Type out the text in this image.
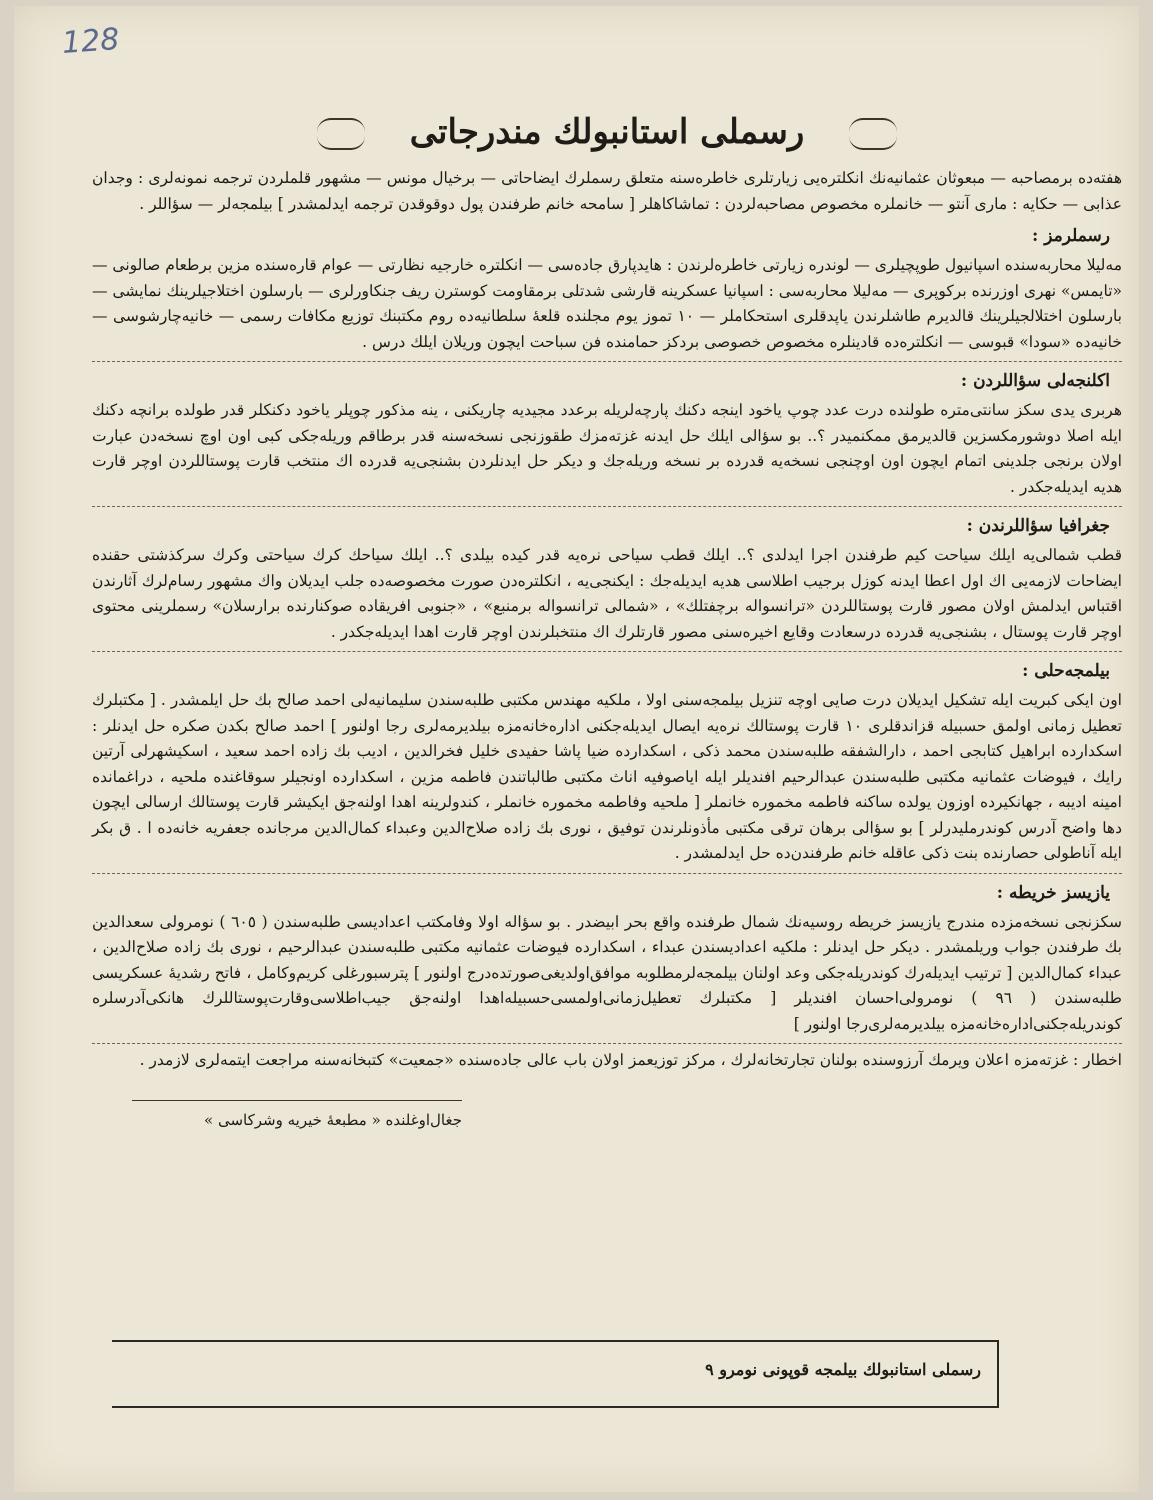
128
رسملی استانبولك مندرجاتی

هفته‌ده برمصاحبه — مبعوثان عثمانیه‌نك انكلتره‌یی زیارتلری خاطره‌سنه متعلق رسملرك ایضاحاتی — برخیال مونس — مشهور قلملردن ترجمه نمونه‌لری : وجدان عذابی — حكایه : ماری آنتو — خانملره مخصوص مصاحبه‌لردن : تماشاكاهلر [ سامحه خانم طرفندن پول دوقوقدن ترجمه ایدلمشدر ] بیلمجه‌لر — سؤاللر .

رسملرمز :

مه‌لیلا محاربه‌سنده اسپانیول طوپچیلری — لوندره زیارتی خاطره‌لرندن : هایدپارق جاده‌سی — انكلتره خارجیه نظارتی — عوام قاره‌سنده مزین برطعام صالونی — «تایمس» نهری اوزرنده بركوپری — مه‌لیلا محاربه‌سی : اسپانیا عسكرینه قارشی شدتلی برمقاومت كوسترن ریف جنكاورلری — بارسلون اختلاجیلرینك نمایشی — بارسلون اختلالجیلرینك قالدیرم طاشلرندن یاپدقلری استحكاملر — ۱۰ تموز یوم مجلنده قلعهٔ سلطانیه‌ده روم مكتبنك توزیع مكافات رسمی — خانیه‌چارشوسی — خانیه‌ده «سودا» قبوسی — انكلتره‌ده قادینلره مخصوص خصوصی بردكز حمامنده فن سباحت ایچون وریلان ایلك درس .

اكلنجه‌لی سؤاللردن :

هربری یدی سكز سانتی‌متره طولنده درت عدد چوپ یاخود اینجه دكنك پارچه‌لریله برعدد مجیدیه چاریكنی ، ینه مذكور چوپلر یاخود دكنكلر قدر طولده برانچه دكنك ایله اصلا دوشورمكسزین قالدیرمق ممكنمیدر ؟.. بو سؤالی ایلك حل ایدنه غزته‌مزك طقوزنجی نسخه‌سنه قدر برطاقم وریله‌جكی كبی اون اوچ نسخه‌دن عبارت اولان برنجی جلدینی اتمام ایچون اون اوچنجی نسخه‌یه قدرده بر نسخه وریله‌جك و دیكر حل ایدنلردن بشنجی‌یه قدرده اك منتخب قارت پوستاللردن اوچر قارت هدیه ایدیله‌جكدر .

جغرافیا سؤاللرندن :

قطب شمالی‌یه ایلك سیاحت كیم طرفندن اجرا ایدلدی ؟.. ایلك قطب سیاحی نره‌یه قدر كیده بیلدی ؟.. ایلك سیاحك كرك سیاحتی وكرك سركذشتی حقنده ایضاحات لازمه‌یی اك اول اعطا ایدنه كوزل برجیب اطلاسی هدیه ایدیله‌جك : ایكنجی‌یه ، انكلتره‌دن صورت مخصوصه‌ده جلب ایدیلان واك مشهور رسام‌لرك آثارندن اقتباس ایدلمش اولان مصور قارت پوستاللردن «ترانسواله برچفتلك» ، «شمالی ترانسواله برمنبع» ، «جنوبی افریقاده صوكنارنده برارسلان» رسملرینی محتوی اوچر قارت پوستال ، بشنجی‌یه قدرده درسعادت وقایع اخیره‌سنی مصور قارتلرك اك منتخبلرندن اوچر قارت اهدا ایدیله‌جكدر .

بیلمجه‌حلی :

اون ایكی كبریت ایله تشكیل ایدیلان درت صایی اوچه تنزیل بیلمجه‌سنی اولا ، ملكیه مهندس مكتبی طلبه‌سندن سلیمانیه‌لی احمد صالح بك حل ایلمشدر . [ مكتبلرك تعطیل زمانی اولمق حسبیله قزاندقلری ۱۰ قارت پوستالك نره‌یه ایصال ایدیله‌جكنی اداره‌خانه‌مزه بیلدیرمه‌لری رجا اولنور ] احمد صالح بكدن صكره حل ایدنلر : اسكدارده ابراهیل كتابجی احمد ، دارالشفقه طلبه‌سندن محمد ذكی ، اسكدارده ضیا پاشا حفیدی خلیل فخرالدین ، ادیب بك زاده احمد سعید ، اسكیشهرلی آرتین رایك ، فیوضات عثمانیه مكتبی طلبه‌سندن عبدالرحیم افندیلر ایله ایاصوفیه اناث مكتبی طالباتندن فاطمه مزین ، اسكدارده اونجیلر سوقاغنده ملحیه ، دراغمانده امینه ادیبه ، جهانكیرده اوزون یولده ساكنه فاطمه مخموره خانملر [ ملحیه وفاطمه مخموره خانملر ، كندولرینه اهدا اولنه‌جق ایكیشر قارت پوستالك ارسالی ایچون دها واضح آدرس كوندرملیدرلر ] بو سؤالی برهان ترقی مكتبی مأذونلرندن توفیق ، نوری بك زاده صلاح‌الدین وعبداء كمال‌الدین مرجانده جعفریه خانه‌ده ا . ق بكر ایله آناطولی حصارنده بنت ذكی عاقله خانم طرفندن‌ده حل ایدلمشدر .

یازیسز خریطه :

سكزنجی نسخه‌مزده مندرج یازیسز خریطه روسیه‌نك شمال طرفنده واقع بحر ابیضدر . بو سؤاله اولا وفامكتب اعدادیسی طلبه‌سندن ( ٦٠٥ ) نومرولی سعدالدین بك طرفندن جواب وریلمشدر . دیكر حل ایدنلر : ملكیه اعدادیسندن عبداء ، اسكدارده فیوضات عثمانیه مكتبی طلبه‌سندن عبدالرحیم ، نوری بك زاده صلاح‌الدین ، عبداء كمال‌الدین [ ترتیب ایدیله‌رك كوندریله‌جكی وعد اولنان بیلمجه‌لرمطلوبه موافق‌اولدیغی‌صورتده‌درج اولنور ] پترسبورغلی كریم‌وكامل ، فاتح رشدیهٔ عسكریسی طلبه‌سندن ( ٩٦ ) نومرولی‌احسان افندیلر [ مكتبلرك تعطیل‌زمانی‌اولمسی‌حسبیله‌اهدا اولنه‌جق جیب‌اطلاسی‌وقارت‌پوستاللرك هانكی‌آدرسلره كوندریله‌جكنی‌اداره‌خانه‌مزه بیلدیرمه‌لری‌رجا اولنور ]

اخطار : غزته‌مزه اعلان ویرمك آرزوسنده بولنان تجارتخانه‌لرك ، مركز توزیعمز اولان باب عالی جاده‌سنده «جمعیت» كتبخانه‌سنه مراجعت ایتمه‌لری لازمدر .

جغال‌اوغلنده « مطبعهٔ خیریه وشركاسی »
رسملی استانبولك بیلمجه قوپونی نومرو ٩
